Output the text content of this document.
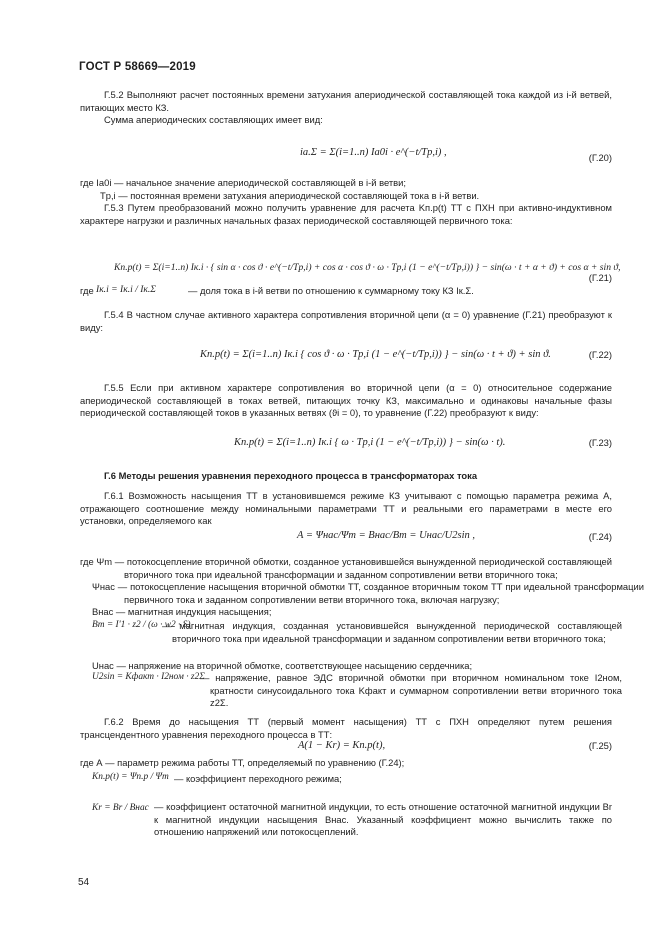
ГОСТ Р 58669—2019
Г.5.2 Выполняют расчет постоянных времени затухания апериодической составляющей тока каждой из i-й ветвей, питающих место КЗ.
Сумма апериодических составляющих имеет вид:
ia.Σ = Σ(i=1..n) Ia0i · e^(−t/Tp,i) ,	(Г.20)
где Ia0i — начальное значение апериодической составляющей в i-й ветви;
Tp,i — постоянная времени затухания апериодической составляющей тока в i-й ветви.
Г.5.3 Путем преобразований можно получить уравнение для расчета Kп.p(t) ТТ с ПХН при активно-индуктивном характере нагрузки и различных начальных фазах периодической составляющей первичного тока:
Kп.p(t) = Σ(i=1..n) Iк.i · { sin α · cos ϑ · e^(−t/Tp,i) + cos α · cos ϑ · ω · Tp,i (1 − e^(−t/Tp,i)) } − sin(ω · t + α + ϑ) + cos α + sin ϑ,
(Г.21)
где Iк.i = Iк.i / Iк.Σ	— доля тока в i-й ветви по отношению к суммарному току КЗ Iк.Σ.
Г.5.4 В частном случае активного характера сопротивления вторичной цепи (α = 0) уравнение (Г.21) преобразуют к виду:
Kп.p(t) = Σ(i=1..n) Iк.i { cos ϑ · ω · Tp,i (1 − e^(−t/Tp,i)) } − sin(ω · t + ϑ) + sin ϑ.	(Г.22)
Г.5.5 Если при активном характере сопротивления во вторичной цепи (α = 0) относительное содержание апериодической составляющей в токах ветвей, питающих точку КЗ, максимально и одинаковы начальные фазы периодической составляющей токов в указанных ветвях (ϑi = 0), то уравнение (Г.22) преобразуют к виду:
Kп.p(t) = Σ(i=1..n) Iк.i { ω · Tp,i (1 − e^(−t/Tp,i)) } − sin(ω · t).	(Г.23)
Г.6 Методы решения уравнения переходного процесса в трансформаторах тока
Г.6.1 Возможность насыщения ТТ в установившемся режиме КЗ учитывают с помощью параметра режима А, отражающего соотношение между номинальными параметрами ТТ и реальными его параметрами в месте его установки, определяемого как
A = Ψнас/Ψm = Bнас/Bm = Uнас/U2sin ,	(Г.24)
где Ψm — потокосцепление вторичной обмотки, созданное установившейся вынужденной периодической составляющей вторичного тока при идеальной трансформации и заданном сопротивлении ветви вторичного тока;
Ψнас — потокосцепление насыщения вторичной обмотки ТТ, созданное вторичным током ТТ при идеальной трансформации первичного тока и заданном сопротивлении ветви вторичного тока, включая нагрузку;
Bнас — магнитная индукция насыщения;
Bm = I'1 · z2 / (ω · w2 · S)
— магнитная индукция, созданная установившейся вынужденной периодической составляющей вторичного тока при идеальной трансформации и заданном сопротивлении ветви вторичного тока;
Uнас — напряжение на вторичной обмотке, соответствующее насыщению сердечника;
U2sin = Kфакт · I2ном · z2Σ
— напряжение, равное ЭДС вторичной обмотки при вторичном номинальном токе I2ном, кратности синусоидального тока Kфакт и суммарном сопротивлении ветви вторичного тока z2Σ.
Г.6.2 Время до насыщения ТТ (первый момент насыщения) ТТ с ПХН определяют путем решения трансцендентного уравнения переходного процесса в ТТ:
A(1 − Kr) = Kп.p(t),	(Г.25)
где А — параметр режима работы ТТ, определяемый по уравнению (Г.24);
Kп.p(t) = Ψп.p / Ψm — коэффициент переходного режима;
Kr = Br / Bнас — коэффициент остаточной магнитной индукции, то есть отношение остаточной магнитной индукции Br к магнитной индукции насыщения Bнас. Указанный коэффициент можно вычислить также по отношению напряжений или потокосцеплений.
54
